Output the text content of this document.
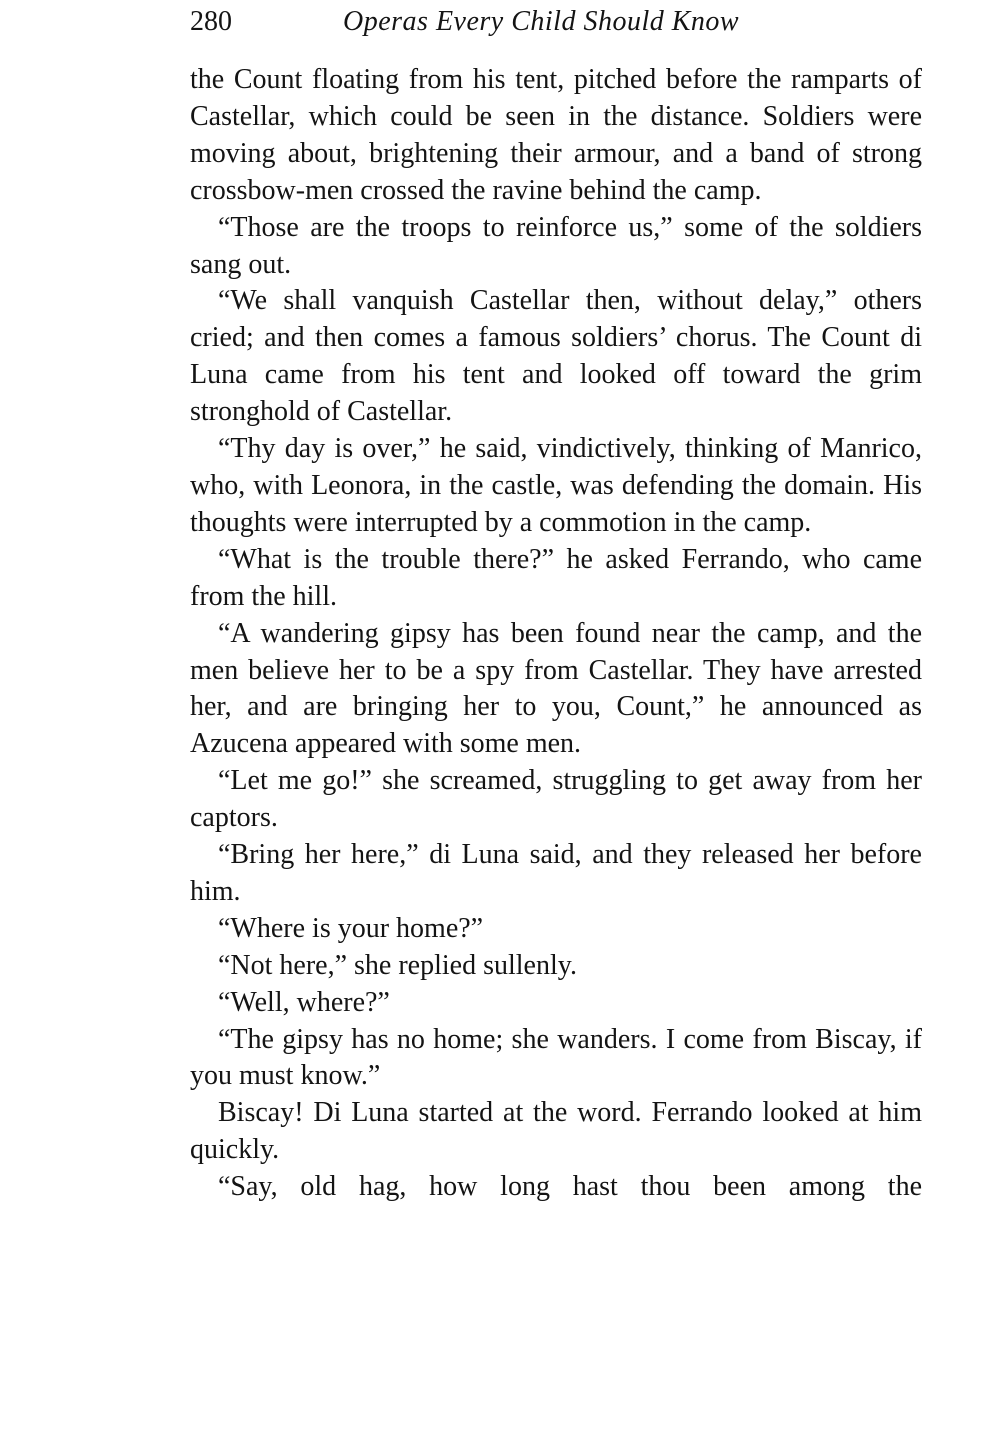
280	Operas Every Child Should Know

the Count floating from his tent, pitched before the ramparts of Castellar, which could be seen in the distance. Soldiers were moving about, brightening their armour, and a band of strong crossbow-men crossed the ravine behind the camp.

“Those are the troops to reinforce us,” some of the soldiers sang out.

“We shall vanquish Castellar then, without delay,” others cried; and then comes a famous soldiers’ chorus. The Count di Luna came from his tent and looked off toward the grim stronghold of Castellar.

“Thy day is over,” he said, vindictively, thinking of Manrico, who, with Leonora, in the castle, was defending the domain. His thoughts were interrupted by a commotion in the camp.

“What is the trouble there?” he asked Ferrando, who came from the hill.

“A wandering gipsy has been found near the camp, and the men believe her to be a spy from Castellar. They have arrested her, and are bringing her to you, Count,” he announced as Azucena appeared with some men.

“Let me go!” she screamed, struggling to get away from her captors.

“Bring her here,” di Luna said, and they released her before him.

“Where is your home?”

“Not here,” she replied sullenly.

“Well, where?”

“The gipsy has no home; she wanders. I come from Biscay, if you must know.”

Biscay! Di Luna started at the word. Ferrando looked at him quickly.

“Say, old hag, how long hast thou been among the
